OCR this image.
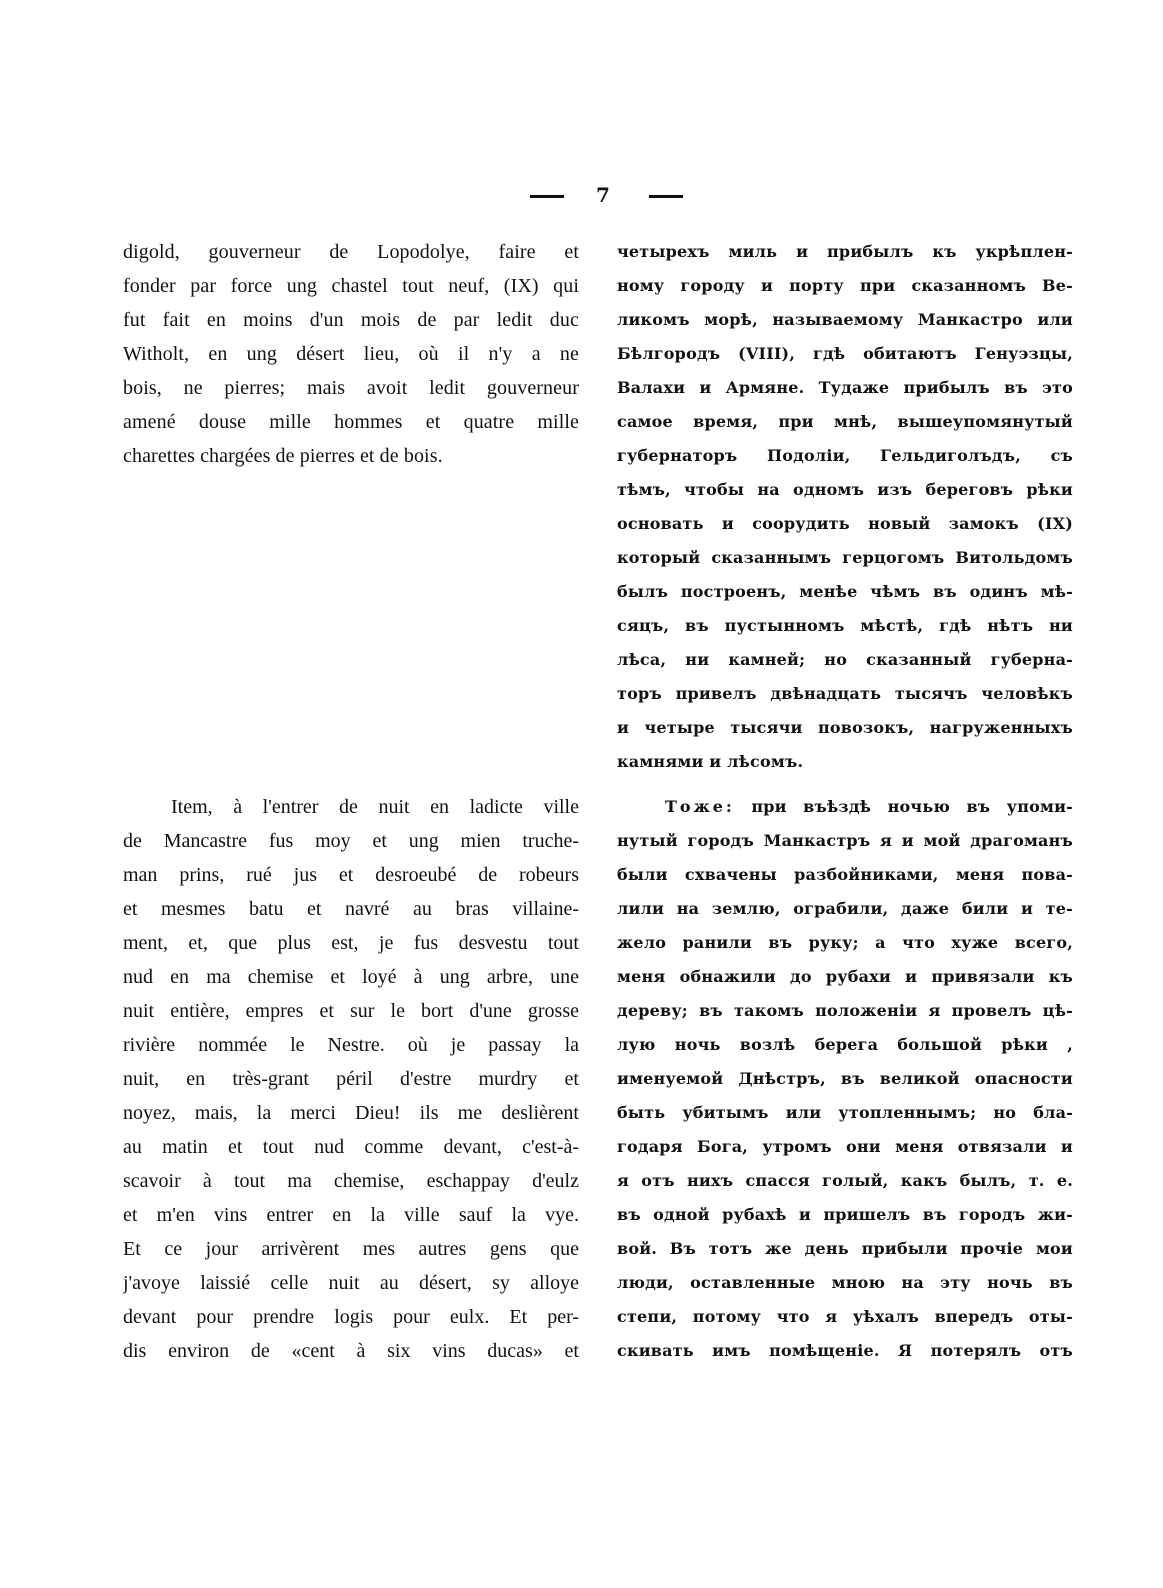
7
digold, gouverneur de Lopodolye, faire et
fonder par force ung chastel tout neuf, (IX) qui
fut fait en moins d'un mois de par ledit duc
Witholt, en ung désert lieu, où il n'y a ne
bois, ne pierres; mais avoit ledit gouverneur
amené douse mille hommes et quatre mille
charettes chargées de pierres et de bois.
Item, à l'entrer de nuit en ladicte ville
de Mancastre fus moy et ung mien truche-
man prins, rué jus et desroeubé de robeurs
et mesmes batu et navré au bras villaine-
ment, et, que plus est, je fus desvestu tout
nud en ma chemise et loyé à ung arbre, une
nuit entière, empres et sur le bort d'une grosse
rivière nommée le Nestre. où je passay la
nuit, en très-grant péril d'estre murdry et
noyez, mais, la merci Dieu! ils me deslièrent
au matin et tout nud comme devant, c'est-à-
scavoir à tout ma chemise, eschappay d'eulz
et m'en vins entrer en la ville sauf la vye.
Et ce jour arrivèrent mes autres gens que
j'avoye laissié celle nuit au désert, sy alloye
devant pour prendre logis pour eulx. Et per-
dis environ de «cent à six vins ducas» et
четырехъ миль и прибылъ къ укрѣплен-
ному городу и порту при сказанномъ Ве-
ликомъ морѣ, называемому Манкастро или
Бѣлгородъ (VIII), гдѣ обитаютъ Генуэзцы,
Валахи и Армяне. Тудаже прибылъ въ это
самое время, при мнѣ, вышеупомянутый
губернаторъ Подоліи, Гельдиголъдъ, съ
тѣмъ, чтобы на одномъ изъ береговъ рѣки
основать и соорудить новый замокъ (IX)
который сказаннымъ герцогомъ Витольдомъ
былъ построенъ, менѣе чѣмъ въ одинъ мѣ-
сяцъ, въ пустынномъ мѣстѣ, гдѣ нѣтъ ни
лѣса, ни камней; но сказанный губерна-
торъ привелъ двѣнадцать тысячъ человѣкъ
и четыре тысячи повозокъ, нагруженныхъ
камнями и лѣсомъ.
Тоже: при въѣздѣ ночью въ упоми-
нутый городъ Манкастръ я и мой драгоманъ
были схвачены разбойниками, меня пова-
лили на землю, ограбили, даже били и те-
жело ранили въ руку; а что хуже всего,
меня обнажили до рубахи и привязали къ
дереву; въ такомъ положеніи я провелъ цѣ-
лую ночь возлѣ берега большой рѣки ,
именуемой Днѣстръ, въ великой опасности
быть убитымъ или утопленнымъ; но бла-
годаря Бога, утромъ они меня отвязали и
я отъ нихъ спасся голый, какъ былъ, т. е.
въ одной рубахѣ и пришелъ въ городъ жи-
вой. Въ тотъ же день прибыли прочіе мои
люди, оставленные мною на эту ночь въ
степи, потому что я уѣхалъ впередъ оты-
скивать имъ помѣщеніе. Я потерялъ отъ
